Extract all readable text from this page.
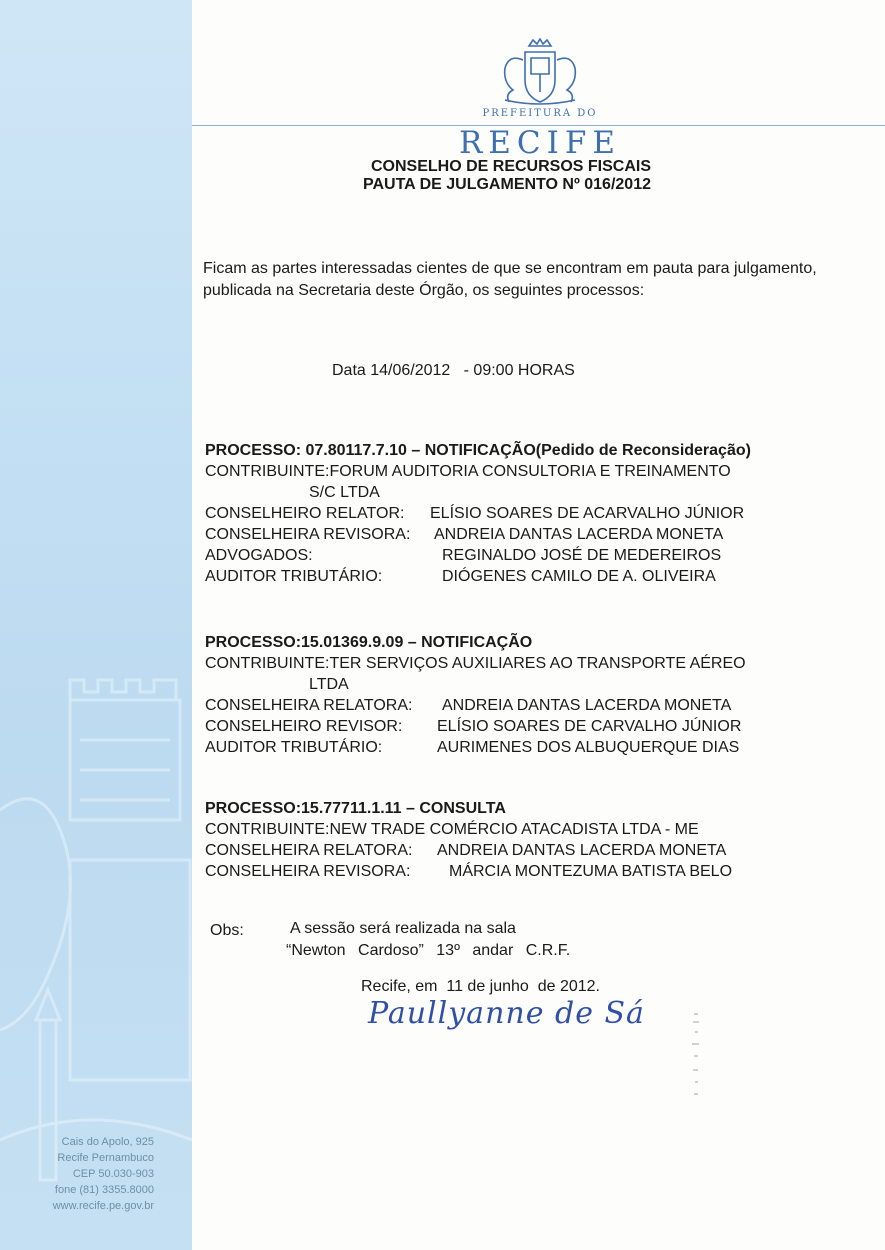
Cais do Apolo, 925
Recife Pernambuco
CEP 50.030-903
fone (81) 3355.8000
www.recife.pe.gov.br
PREFEITURA DO
RECIFE
CONSELHO DE RECURSOS FISCAIS
PAUTA DE JULGAMENTO Nº 016/2012
Ficam as partes interessadas cientes de que se encontram em pauta para julgamento, publicada na Secretaria deste Órgão, os seguintes processos:
Data 14/06/2012   - 09:00 HORAS
PROCESSO: 07.80117.7.10 – NOTIFICAÇÃO(Pedido de Reconsideração)
CONTRIBUINTE:FORUM AUDITORIA CONSULTORIA E TREINAMENTO
S/C LTDA
CONSELHEIRO RELATOR: ELÍSIO SOARES DE ACARVALHO JÚNIOR
CONSELHEIRA REVISORA: ANDREIA DANTAS LACERDA MONETA
ADVOGADOS:	REGINALDO JOSÉ DE MEDEREIROS
AUDITOR TRIBUTÁRIO:	DIÓGENES CAMILO DE A. OLIVEIRA
PROCESSO:15.01369.9.09 – NOTIFICAÇÃO
CONTRIBUINTE:TER SERVIÇOS AUXILIARES AO TRANSPORTE AÉREO
LTDA
CONSELHEIRA RELATORA: ANDREIA DANTAS LACERDA MONETA
CONSELHEIRO REVISOR: ELÍSIO SOARES DE CARVALHO JÚNIOR
AUDITOR TRIBUTÁRIO:	AURIMENES DOS ALBUQUERQUE DIAS
PROCESSO:15.77711.1.11 – CONSULTA
CONTRIBUINTE:NEW TRADE COMÉRCIO ATACADISTA LTDA - ME
CONSELHEIRA RELATORA: ANDREIA DANTAS LACERDA MONETA
CONSELHEIRA REVISORA: MÁRCIA MONTEZUMA BATISTA BELO
Obs:	A sessão será realizada na sala
“Newton Cardoso” 13º andar C.R.F.
Recife, em  11 de junho  de 2012.
Paullyanne de Sá
